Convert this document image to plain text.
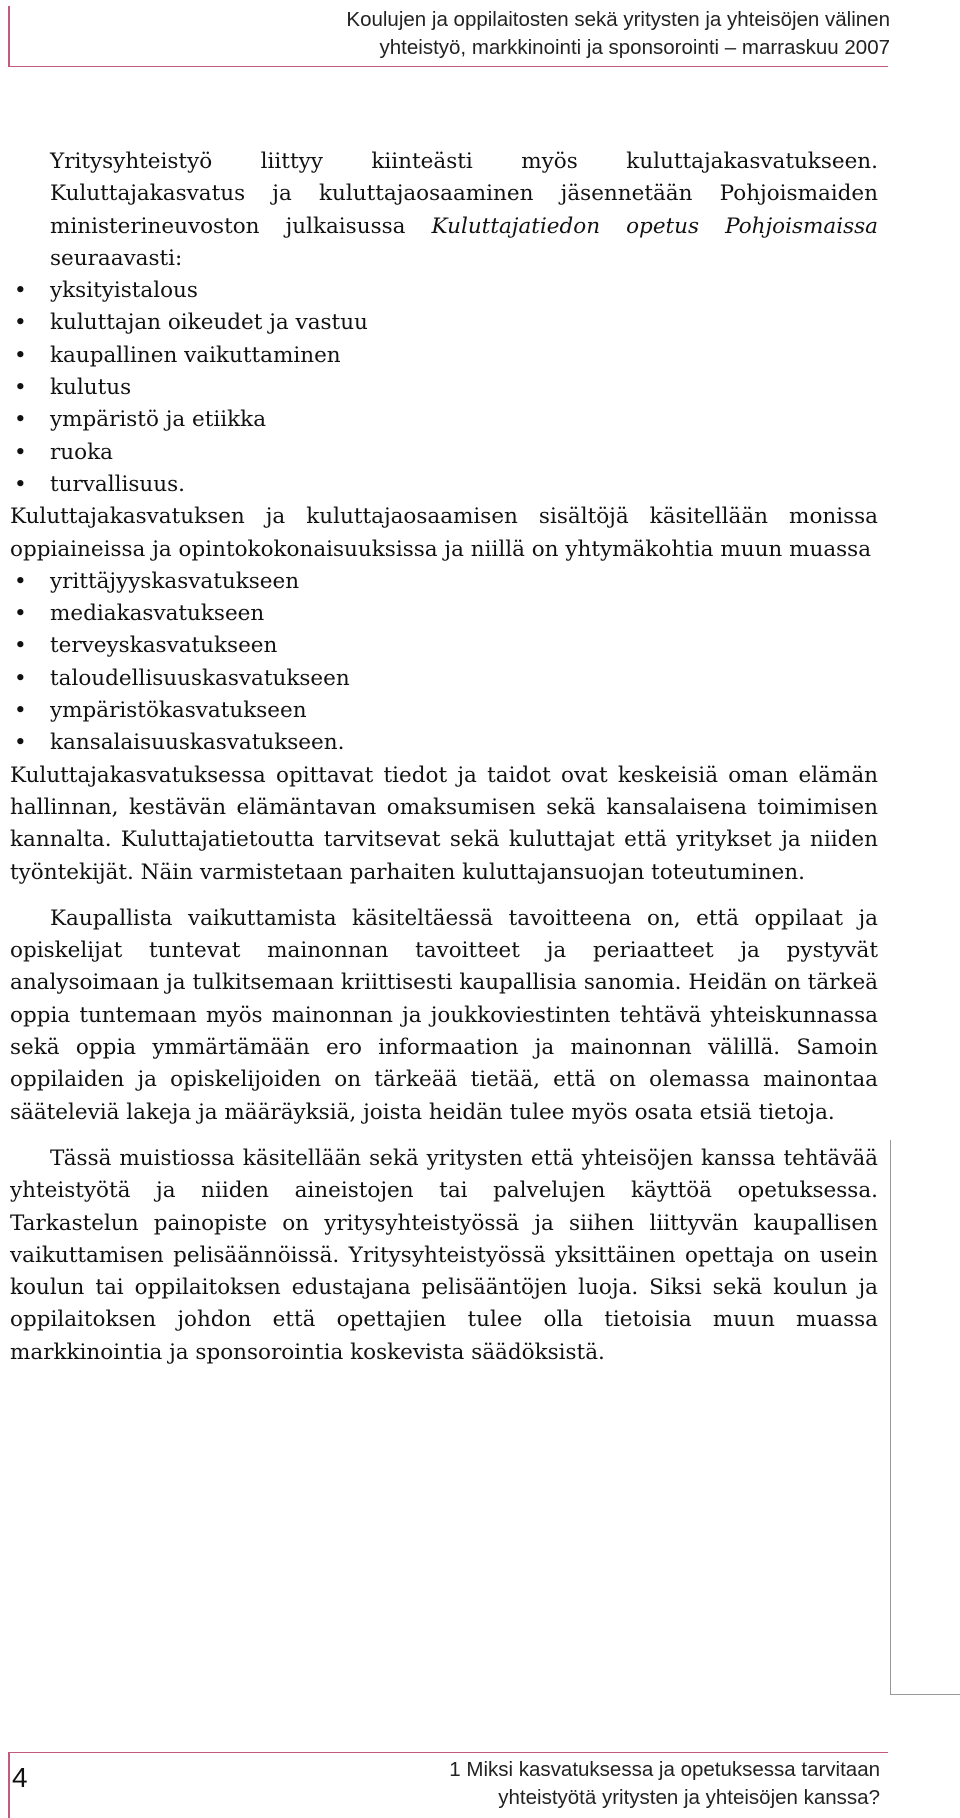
Koulujen ja oppilaitosten sekä yritysten ja yhteisöjen välinen
yhteistyö, markkinointi ja sponsorointi – marraskuu 2007

Yritysyhteistyö liittyy kiinteästi myös kuluttajakasvatukseen. Kuluttajakasvatus ja kuluttajaosaaminen jäsennetään Pohjoismaiden ministerineuvoston julkaisussa Kuluttajatiedon opetus Pohjoismaissa seuraavasti:

• yksityistalous
• kuluttajan oikeudet ja vastuu
• kaupallinen vaikuttaminen
• kulutus
• ympäristö ja etiikka
• ruoka
• turvallisuus.

Kuluttajakasvatuksen ja kuluttajaosaamisen sisältöjä käsitellään monissa oppiaineissa ja opintokokonaisuuksissa ja niillä on yhtymäkohtia muun muassa

• yrittäjyyskasvatukseen
• mediakasvatukseen
• terveyskasvatukseen
• taloudellisuuskasvatukseen
• ympäristökasvatukseen
• kansalaisuuskasvatukseen.

Kuluttajakasvatuksessa opittavat tiedot ja taidot ovat keskeisiä oman elämän hallinnan, kestävän elämäntavan omaksumisen sekä kansalaisena toimimisen kannalta. Kuluttajatietoutta tarvitsevat sekä kuluttajat että yritykset ja niiden työntekijät. Näin varmistetaan parhaiten kuluttajansuojan toteutuminen.

Kaupallista vaikuttamista käsiteltäessä tavoitteena on, että oppilaat ja opiskelijat tuntevat mainonnan tavoitteet ja periaatteet ja pystyvät analysoimaan ja tulkitsemaan kriittisesti kaupallisia sanomia. Heidän on tärkeä oppia tuntemaan myös mainonnan ja joukkoviestinten tehtävä yhteiskunnassa sekä oppia ymmärtämään ero informaation ja mainonnan välillä. Samoin oppilaiden ja opiskelijoiden on tärkeää tietää, että on olemassa mainontaa sääteleviä lakeja ja määräyksiä, joista heidän tulee myös osata etsiä tietoja.

Tässä muistiossa käsitellään sekä yritysten että yhteisöjen kanssa tehtävää yhteistyötä ja niiden aineistojen tai palvelujen käyttöä opetuksessa. Tarkastelun painopiste on yritysyhteistyössä ja siihen liittyvän kaupallisen vaikuttamisen pelisäännöissä. Yritysyhteistyössä yksittäinen opettaja on usein koulun tai oppilaitoksen edustajana pelisääntöjen luoja. Siksi sekä koulun ja oppilaitoksen johdon että opettajien tulee olla tietoisia muun muassa markkinointia ja sponsorointia koskevista säädöksistä.

4	1 Miksi kasvatuksessa ja opetuksessa tarvitaan
yhteistyötä yritysten ja yhteisöjen kanssa?
